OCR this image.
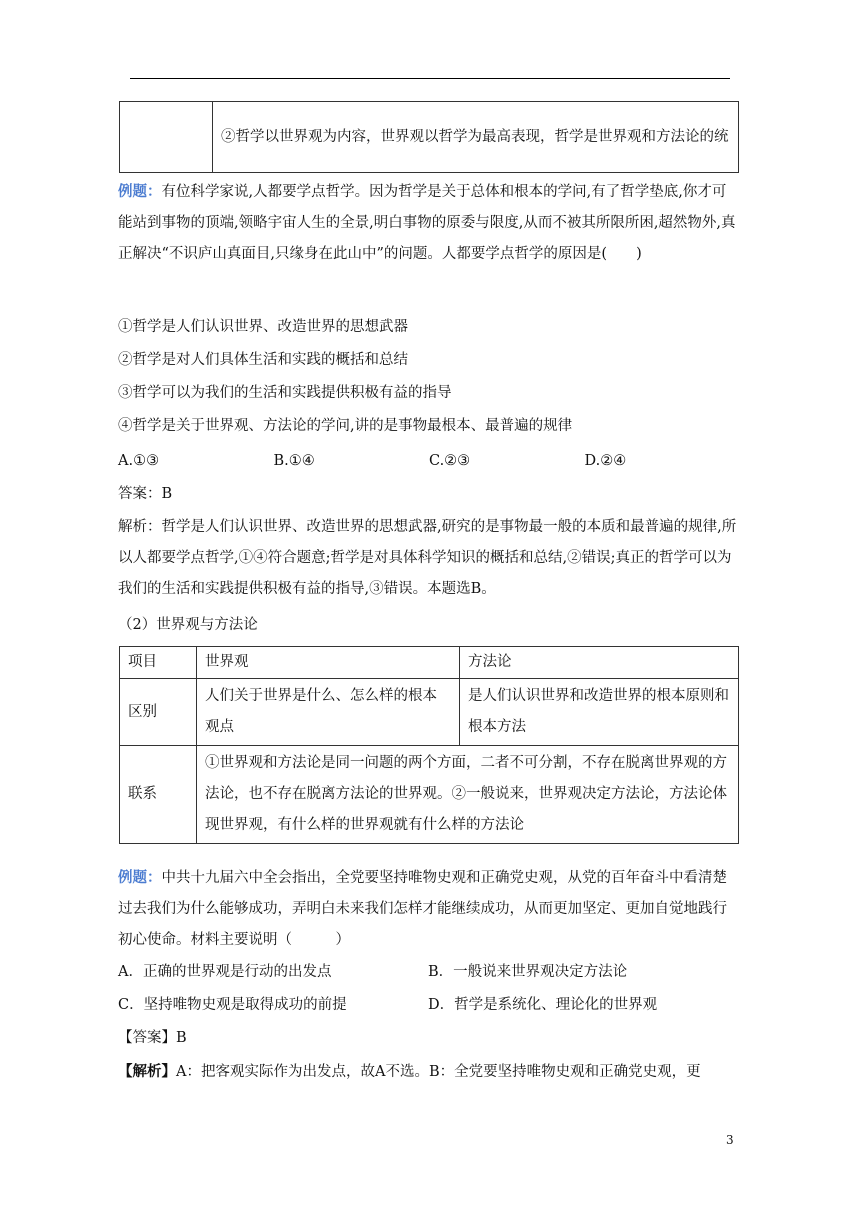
	②哲学以世界观为内容，世界观以哲学为最高表现，哲学是世界观和方法论的统

例题：有位科学家说,人都要学点哲学。因为哲学是关于总体和根本的学问,有了哲学垫底,你才可能站到事物的顶端,领略宇宙人生的全景,明白事物的原委与限度,从而不被其所限所困,超然物外,真正解决“不识庐山真面目,只缘身在此山中”的问题。人都要学点哲学的原因是(　　)

①哲学是人们认识世界、改造世界的思想武器

②哲学是对人们具体生活和实践的概括和总结

③哲学可以为我们的生活和实践提供积极有益的指导

④哲学是关于世界观、方法论的学问,讲的是事物最根本、最普遍的规律

A.①③	B.①④	C.②③	D.②④

答案：B

解析：哲学是人们认识世界、改造世界的思想武器,研究的是事物最一般的本质和最普遍的规律,所以人都要学点哲学,①④符合题意;哲学是对具体科学知识的概括和总结,②错误;真正的哲学可以为我们的生活和实践提供积极有益的指导,③错误。本题选B。

（2）世界观与方法论

项目	世界观	方法论
区别	人们关于世界是什么、怎么样的根本观点	是人们认识世界和改造世界的根本原则和根本方法
联系	①世界观和方法论是同一问题的两个方面，二者不可分割，不存在脱离世界观的方法论，也不存在脱离方法论的世界观。②一般说来，世界观决定方法论，方法论体现世界观，有什么样的世界观就有什么样的方法论	

例题：中共十九届六中全会指出，全党要坚持唯物史观和正确党史观，从党的百年奋斗中看清楚过去我们为什么能够成功，弄明白未来我们怎样才能继续成功，从而更加坚定、更加自觉地践行初心使命。材料主要说明（　　　）

A．正确的世界观是行动的出发点	B．一般说来世界观决定方法论
C．坚持唯物史观是取得成功的前提	D．哲学是系统化、理论化的世界观

【答案】B

【解析】A：把客观实际作为出发点，故A不选。B：全党要坚持唯物史观和正确党史观，更

3
